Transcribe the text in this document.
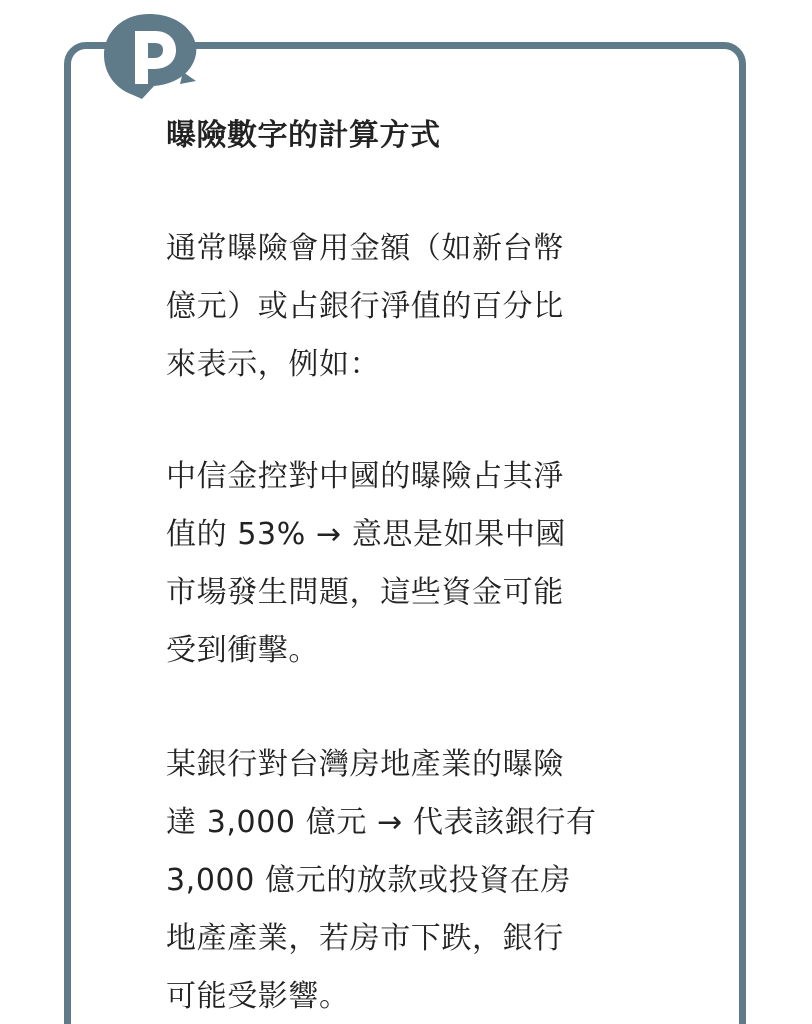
曝險數字的計算方式
通常曝險會用金額（如新台幣
億元）或占銀行淨值的百分比
來表示，例如：
中信金控對中國的曝險占其淨
值的 53% → 意思是如果中國
市場發生問題，這些資金可能
受到衝擊。
某銀行對台灣房地產業的曝險
達 3,000 億元 → 代表該銀行有
3,000 億元的放款或投資在房
地產產業，若房市下跌，銀行
可能受影響。
